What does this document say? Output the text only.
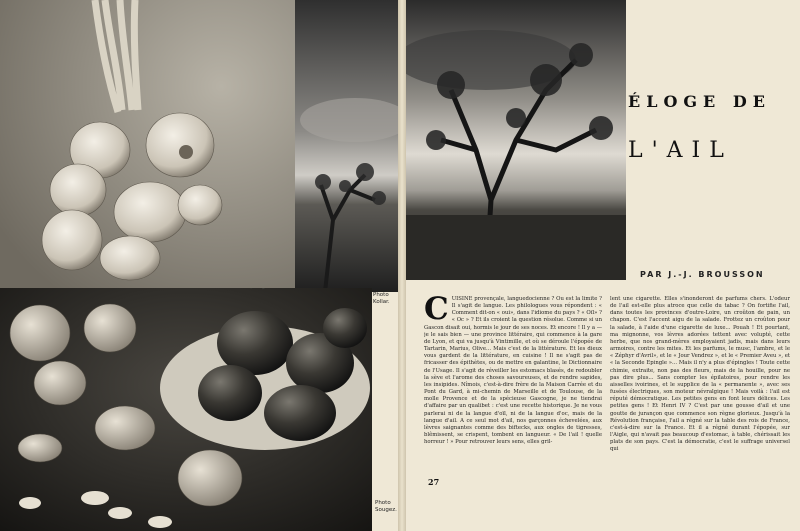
Photo Kollar.
Photo Sougez.
ÉLOGE DE
L'AIL
PAR J.-J. BROUSSON
C UISINE provençale, languedocienne ? Ou est la limite ? Il s'agit de langue. Les philologues vous répondent : « Comment dit-on « oui», dans l'idiome du pays ? « Oïl» ? « Oc » ? Et ils croient la question résolue. Comme si un Gascon disait oui, hormis le jour de ses noces. Et encore ! Il y a — je le sais bien — une province littéraire, qui commence à la gare de Lyon, et qui va jusqu'à Vintimille, et où se déroule l'épopée de Tartarin, Marius, Olive... Mais c'est de la littérature. Et les dieux vous gardent de la littérature, en cuisine ! Il ne s'agit pas de fricasser des épithètes, ou de mettre en galantine, le Dictionnaire de l'Usage. Il s'agit de réveiller les estomacs blasés, de redoubler la sève et l'arome des choses savoureuses, et de rendre sapides, les insipides. Nîmois, c'est-à-dire frère de la Maison Carrée et du Pont du Gard, à mi-chemin de Marseille et de Toulouse, de la molle Provence et de la spécieuse Gascogne, je ne tiendrai d'affaire par un qualibet : c'est une recette historique. Je ne vous parlerai ni de la langue d'oïl, ni de la langue d'oc, mais de la langue d'ail. A ce seul mot d'ail, nos garçonnes échevelées, aux lèvres saignantes comme des biftecks, aux ongles de tigresses, blêmissent, se crispent, tombent en langueur. « De l'ail ! quelle horreur ! » Pour retrouver leurs sens, elles gril-

lent une cigarette. Elles s'inonderont de parfums chers. L'odeur de l'ail est-elle plus atroce que celle du tabac ? On fortifie l'ail, dans toutes les provinces d'outre-Loire, un croûton de pain, un chapon. C'est l'accent aigu de la salade. Frottez un croûton pour la salade, à l'aide d'une cigarette de luxe... Pouah ! Et pourtant, ma mignonne, vos lèvres adorées tettent avec volupté, cette herbe, que nos grand-mères employaient jadis, mais dans leurs armoires, contre les mites. Et les parfums, le musc, l'ambre, et le « Zéphyr d'Avril», et le « Jour Vendrez », et le « Premier Aveu », et « la Seconde Epingle »... Mais il n'y a plus d'épingles ! Toute cette chimie, extraite, non pas des fleurs, mais de la houille, pour ne pas dire plus... Sans compter les épilatoires, pour rendre les aisselles ivoirines, et le supplice de la « permanente », avec ses fusées électriques, son moteur névralgique ! Mais voilà : l'ail est réputé démocratique. Les petites gens en font leurs délices. Les petites gens ! Et Henri IV ? C'est par une gousse d'ail et une goutte de jurançon que commence son règne glorieux. Jusqu'à la Révolution française, l'ail a régné sur la table des rois de France, c'est-à-dire sur la France. Et il a régné durant l'épopée, sur l'Aigle, qui n'avait pas beaucoup d'estomac, à table, chérissait les plats de son pays. C'est la démocratie, c'est le suffrage universel qui

27
